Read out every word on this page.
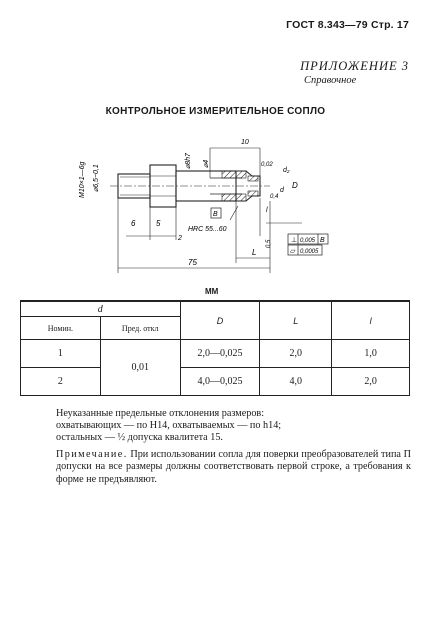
ГОСТ 8.343—79 Стр. 17
ПРИЛОЖЕНИЕ 3
Справочное
КОНТРОЛЬНОЕ ИЗМЕРИТЕЛЬНОЕ СОПЛО
M10×1—6g ⌀6,5−0,1
⌀8h7 ⌀4
10
6	5
2
75
L
l
D
d₂
d
0,02
0,4
0,5
В
HRC 55...60
⊥ 0,005 В
▱ 0,0005
ММ
d		D	L	l
Номин.	Пред. откл			
1	0,01	2,0—0,025	2,0	1,0
2		4,0—0,025	4,0	2,0
Неуказанные предельные отклонения размеров:
охватывающих — по Н14, охватываемых — по h14;
остальных — ½ допуска квалитета 15.
Примечание. При использовании сопла для поверки преобразователей типа П допуски на все размеры должны соответствовать первой строке, а требования к форме не предъявляют.
